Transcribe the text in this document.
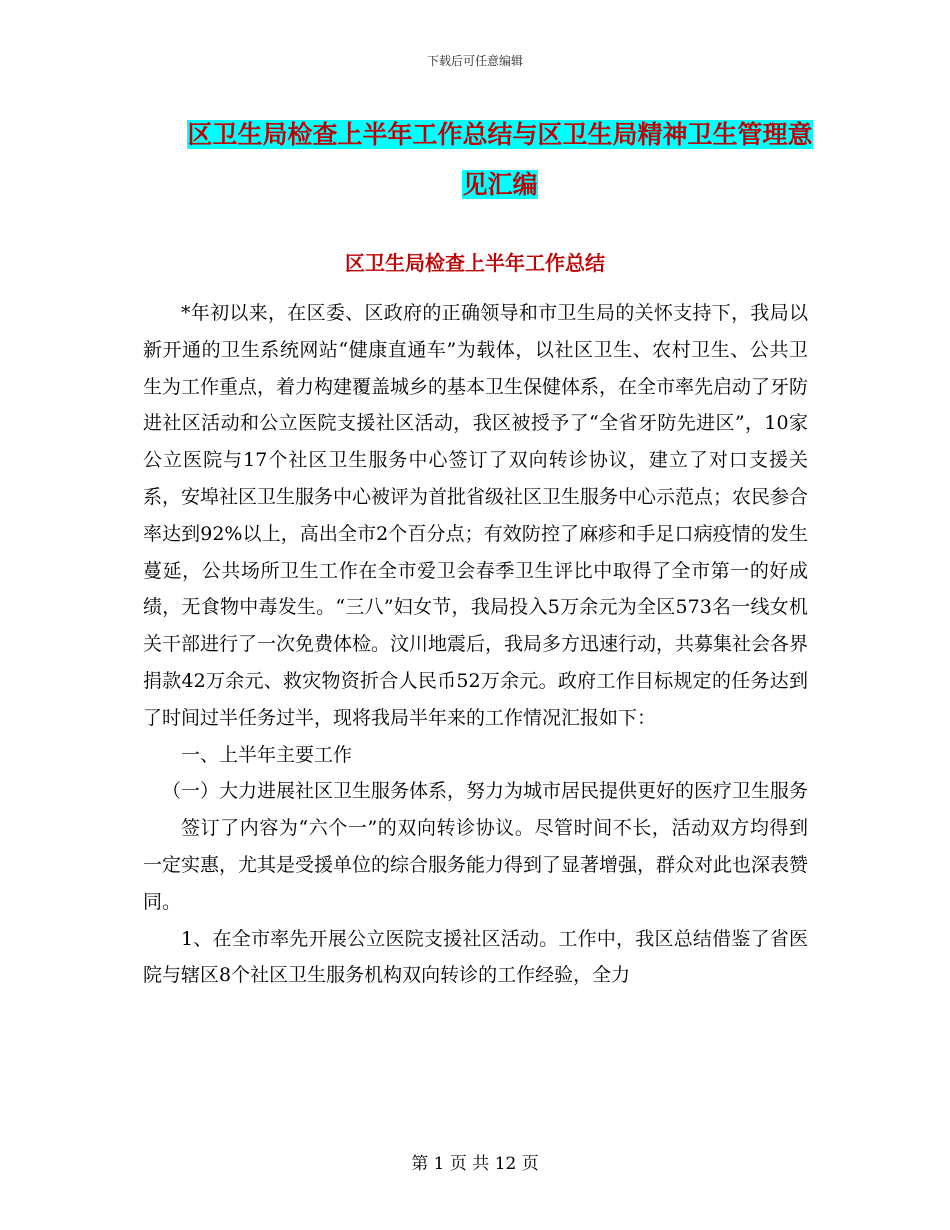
下载后可任意编辑
区卫生局检查上半年工作总结与区卫生局精神卫生管理意见汇编
区卫生局检查上半年工作总结

*年初以来，在区委、区政府的正确领导和市卫生局的关怀支持下，我局以新开通的卫生系统网站“健康直通车”为载体，以社区卫生、农村卫生、公共卫生为工作重点，着力构建覆盖城乡的基本卫生保健体系，在全市率先启动了牙防进社区活动和公立医院支援社区活动，我区被授予了“全省牙防先进区”，10家公立医院与17个社区卫生服务中心签订了双向转诊协议，建立了对口支援关系，安埠社区卫生服务中心被评为首批省级社区卫生服务中心示范点；农民参合率达到92%以上，高出全市2个百分点；有效防控了麻疹和手足口病疫情的发生蔓延，公共场所卫生工作在全市爱卫会春季卫生评比中取得了全市第一的好成绩，无食物中毒发生。“三八”妇女节，我局投入5万余元为全区573名一线女机关干部进行了一次免费体检。汶川地震后，我局多方迅速行动，共募集社会各界捐款42万余元、救灾物资折合人民币52万余元。政府工作目标规定的任务达到了时间过半任务过半，现将我局半年来的工作情况汇报如下：

一、上半年主要工作

（一）大力进展社区卫生服务体系，努力为城市居民提供更好的医疗卫生服务

签订了内容为“六个一”的双向转诊协议。尽管时间不长，活动双方均得到一定实惠，尤其是受援单位的综合服务能力得到了显著增强，群众对此也深表赞同。

1、在全市率先开展公立医院支援社区活动。工作中，我区总结借鉴了省医院与辖区8个社区卫生服务机构双向转诊的工作经验，全力

第 1 页 共 12 页
